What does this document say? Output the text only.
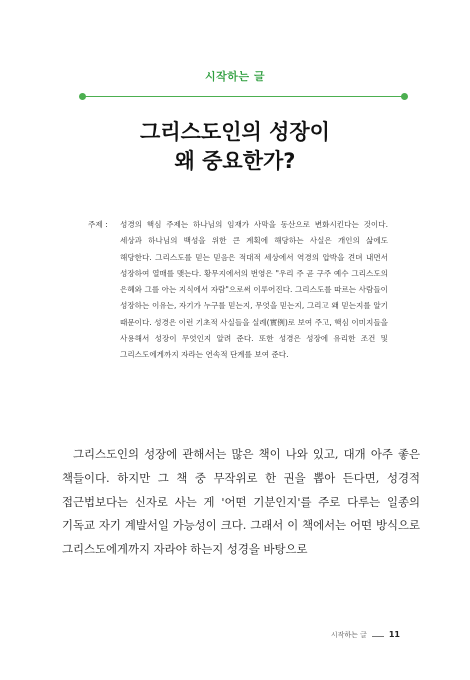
시작하는 글
그리스도인의 성장이
왜 중요한가?
주제 :	성경의 핵심 주제는 하나님의 임재가 사막을 동산으로 변화시킨다는 것이다. 세상과 하나님의 백성을 위한 큰 계획에 해당하는 사실은 개인의 삶에도 해당한다. 그리스도를 믿는 믿음은 적대적 세상에서 역경의 압박을 견뎌 내면서 성장하여 열매를 맺는다. 황무지에서의 번영은 "우리 주 곧 구주 예수 그리스도의 은혜와 그를 아는 지식에서 자람"으로써 이루어진다. 그리스도를 따르는 사람들이 성장하는 이유는, 자기가 누구를 믿는지, 무엇을 믿는지, 그리고 왜 믿는지를 알기 때문이다. 성경은 이런 기초적 사실들을 실례(實例)로 보여 주고, 핵심 이미지들을 사용해서 성장이 무엇인지 알려 준다. 또한 성경은 성장에 유리한 조건 및 그리스도에게까지 자라는 연속적 단계를 보여 준다.
그리스도인의 성장에 관해서는 많은 책이 나와 있고, 대개 아주 좋은 책들이다. 하지만 그 책 중 무작위로 한 권을 뽑아 든다면, 성경적 접근법보다는 신자로 사는 게 '어떤 기분인지'를 주로 다루는 일종의 기독교 자기 계발서일 가능성이 크다. 그래서 이 책에서는 어떤 방식으로 그리스도에게까지 자라야 하는지 성경을 바탕으로
시작하는 글	11
